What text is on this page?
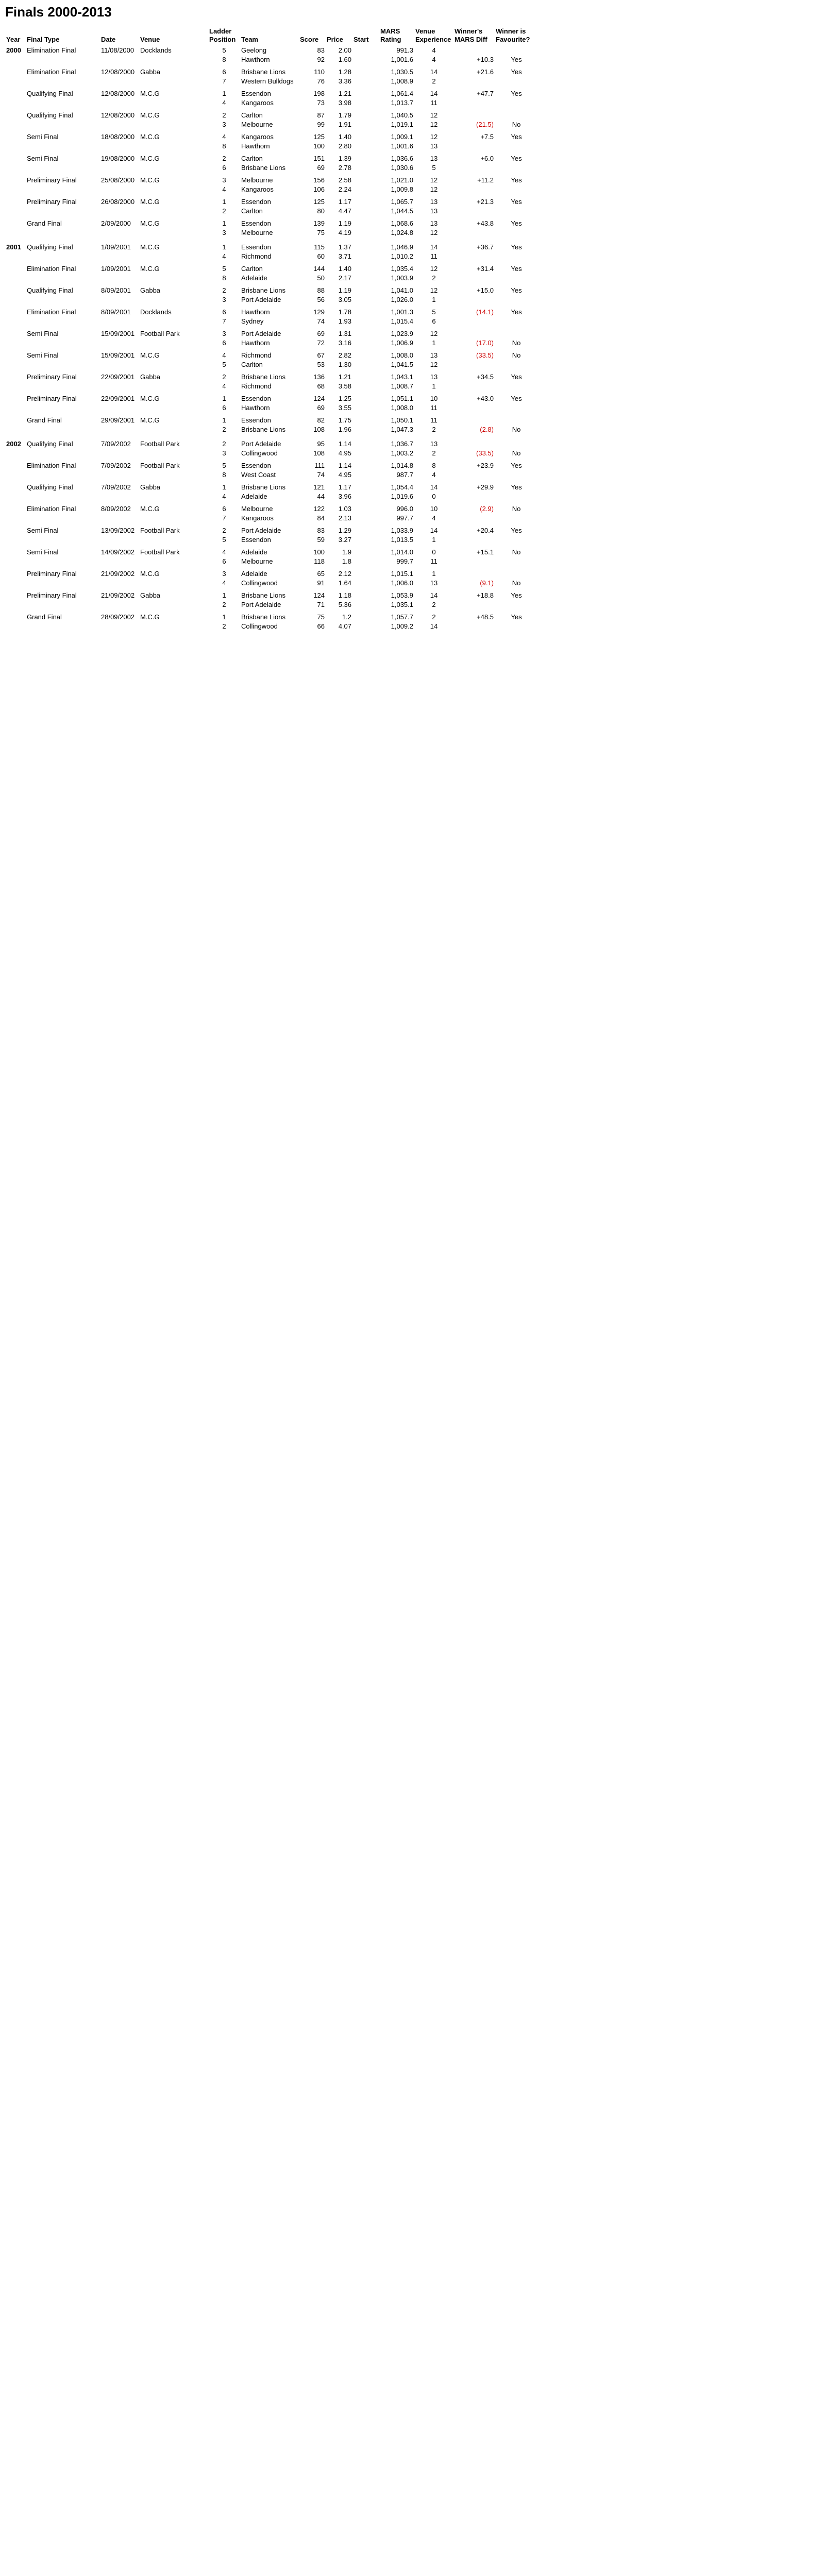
Finals 2000-2013
Year	Final Type	Date	Venue	Ladder Position	Team	Score	Price	Start	MARS Rating	Venue Experience	Winner's MARS Diff	Winner is Favourite?	
2000	Elimination Final	11/08/2000	Docklands	5	Geelong	83	2.00		991.3	4			
				8	Hawthorn	92	1.60		1,001.6	4	+10.3	Yes	

	Elimination Final	12/08/2000	Gabba	6	Brisbane Lions	110	1.28		1,030.5	14	+21.6	Yes	
				7	Western Bulldogs	76	3.36		1,008.9	2			

	Qualifying Final	12/08/2000	M.C.G	1	Essendon	198	1.21		1,061.4	14	+47.7	Yes	
				4	Kangaroos	73	3.98		1,013.7	11			

	Qualifying Final	12/08/2000	M.C.G	2	Carlton	87	1.79		1,040.5	12			
				3	Melbourne	99	1.91		1,019.1	12	(21.5)	No	

	Semi Final	18/08/2000	M.C.G	4	Kangaroos	125	1.40		1,009.1	12	+7.5	Yes	
				8	Hawthorn	100	2.80		1,001.6	13			

	Semi Final	19/08/2000	M.C.G	2	Carlton	151	1.39		1,036.6	13	+6.0	Yes	
				6	Brisbane Lions	69	2.78		1,030.6	5			

	Preliminary Final	25/08/2000	M.C.G	3	Melbourne	156	2.58		1,021.0	12	+11.2	Yes	
				4	Kangaroos	106	2.24		1,009.8	12			

	Preliminary Final	26/08/2000	M.C.G	1	Essendon	125	1.17		1,065.7	13	+21.3	Yes	
				2	Carlton	80	4.47		1,044.5	13			

	Grand Final	2/09/2000	M.C.G	1	Essendon	139	1.19		1,068.6	13	+43.8	Yes	
				3	Melbourne	75	4.19		1,024.8	12			

2001	Qualifying Final	1/09/2001	M.C.G	1	Essendon	115	1.37		1,046.9	14	+36.7	Yes	
				4	Richmond	60	3.71		1,010.2	11			

	Elimination Final	1/09/2001	M.C.G	5	Carlton	144	1.40		1,035.4	12	+31.4	Yes	
				8	Adelaide	50	2.17		1,003.9	2			

	Qualifying Final	8/09/2001	Gabba	2	Brisbane Lions	88	1.19		1,041.0	12	+15.0	Yes	
				3	Port Adelaide	56	3.05		1,026.0	1			

	Elimination Final	8/09/2001	Docklands	6	Hawthorn	129	1.78		1,001.3	5	(14.1)	Yes	
				7	Sydney	74	1.93		1,015.4	6			

	Semi Final	15/09/2001	Football Park	3	Port Adelaide	69	1.31		1,023.9	12			
				6	Hawthorn	72	3.16		1,006.9	1	(17.0)	No	

	Semi Final	15/09/2001	M.C.G	4	Richmond	67	2.82		1,008.0	13	(33.5)	No	
				5	Carlton	53	1.30		1,041.5	12			

	Preliminary Final	22/09/2001	Gabba	2	Brisbane Lions	136	1.21		1,043.1	13	+34.5	Yes	
				4	Richmond	68	3.58		1,008.7	1			

	Preliminary Final	22/09/2001	M.C.G	1	Essendon	124	1.25		1,051.1	10	+43.0	Yes	
				6	Hawthorn	69	3.55		1,008.0	11			

	Grand Final	29/09/2001	M.C.G	1	Essendon	82	1.75		1,050.1	11			
				2	Brisbane Lions	108	1.96		1,047.3	2	(2.8)	No	

2002	Qualifying Final	7/09/2002	Football Park	2	Port Adelaide	95	1.14		1,036.7	13			
				3	Collingwood	108	4.95		1,003.2	2	(33.5)	No	

	Elimination Final	7/09/2002	Football Park	5	Essendon	111	1.14		1,014.8	8	+23.9	Yes	
				8	West Coast	74	4.95		987.7	4			

	Qualifying Final	7/09/2002	Gabba	1	Brisbane Lions	121	1.17		1,054.4	14	+29.9	Yes	
				4	Adelaide	44	3.96		1,019.6	0			

	Elimination Final	8/09/2002	M.C.G	6	Melbourne	122	1.03		996.0	10	(2.9)	No	
				7	Kangaroos	84	2.13		997.7	4			

	Semi Final	13/09/2002	Football Park	2	Port Adelaide	83	1.29		1,033.9	14	+20.4	Yes	
				5	Essendon	59	3.27		1,013.5	1			

	Semi Final	14/09/2002	Football Park	4	Adelaide	100	1.9		1,014.0	0	+15.1	No	
				6	Melbourne	118	1.8		999.7	11			

	Preliminary Final	21/09/2002	M.C.G	3	Adelaide	65	2.12		1,015.1	1			
				4	Collingwood	91	1.64		1,006.0	13	(9.1)	No	

	Preliminary Final	21/09/2002	Gabba	1	Brisbane Lions	124	1.18		1,053.9	14	+18.8	Yes	
				2	Port Adelaide	71	5.36		1,035.1	2			

	Grand Final	28/09/2002	M.C.G	1	Brisbane Lions	75	1.2		1,057.7	2	+48.5	Yes	
				2	Collingwood	66	4.07		1,009.2	14			
